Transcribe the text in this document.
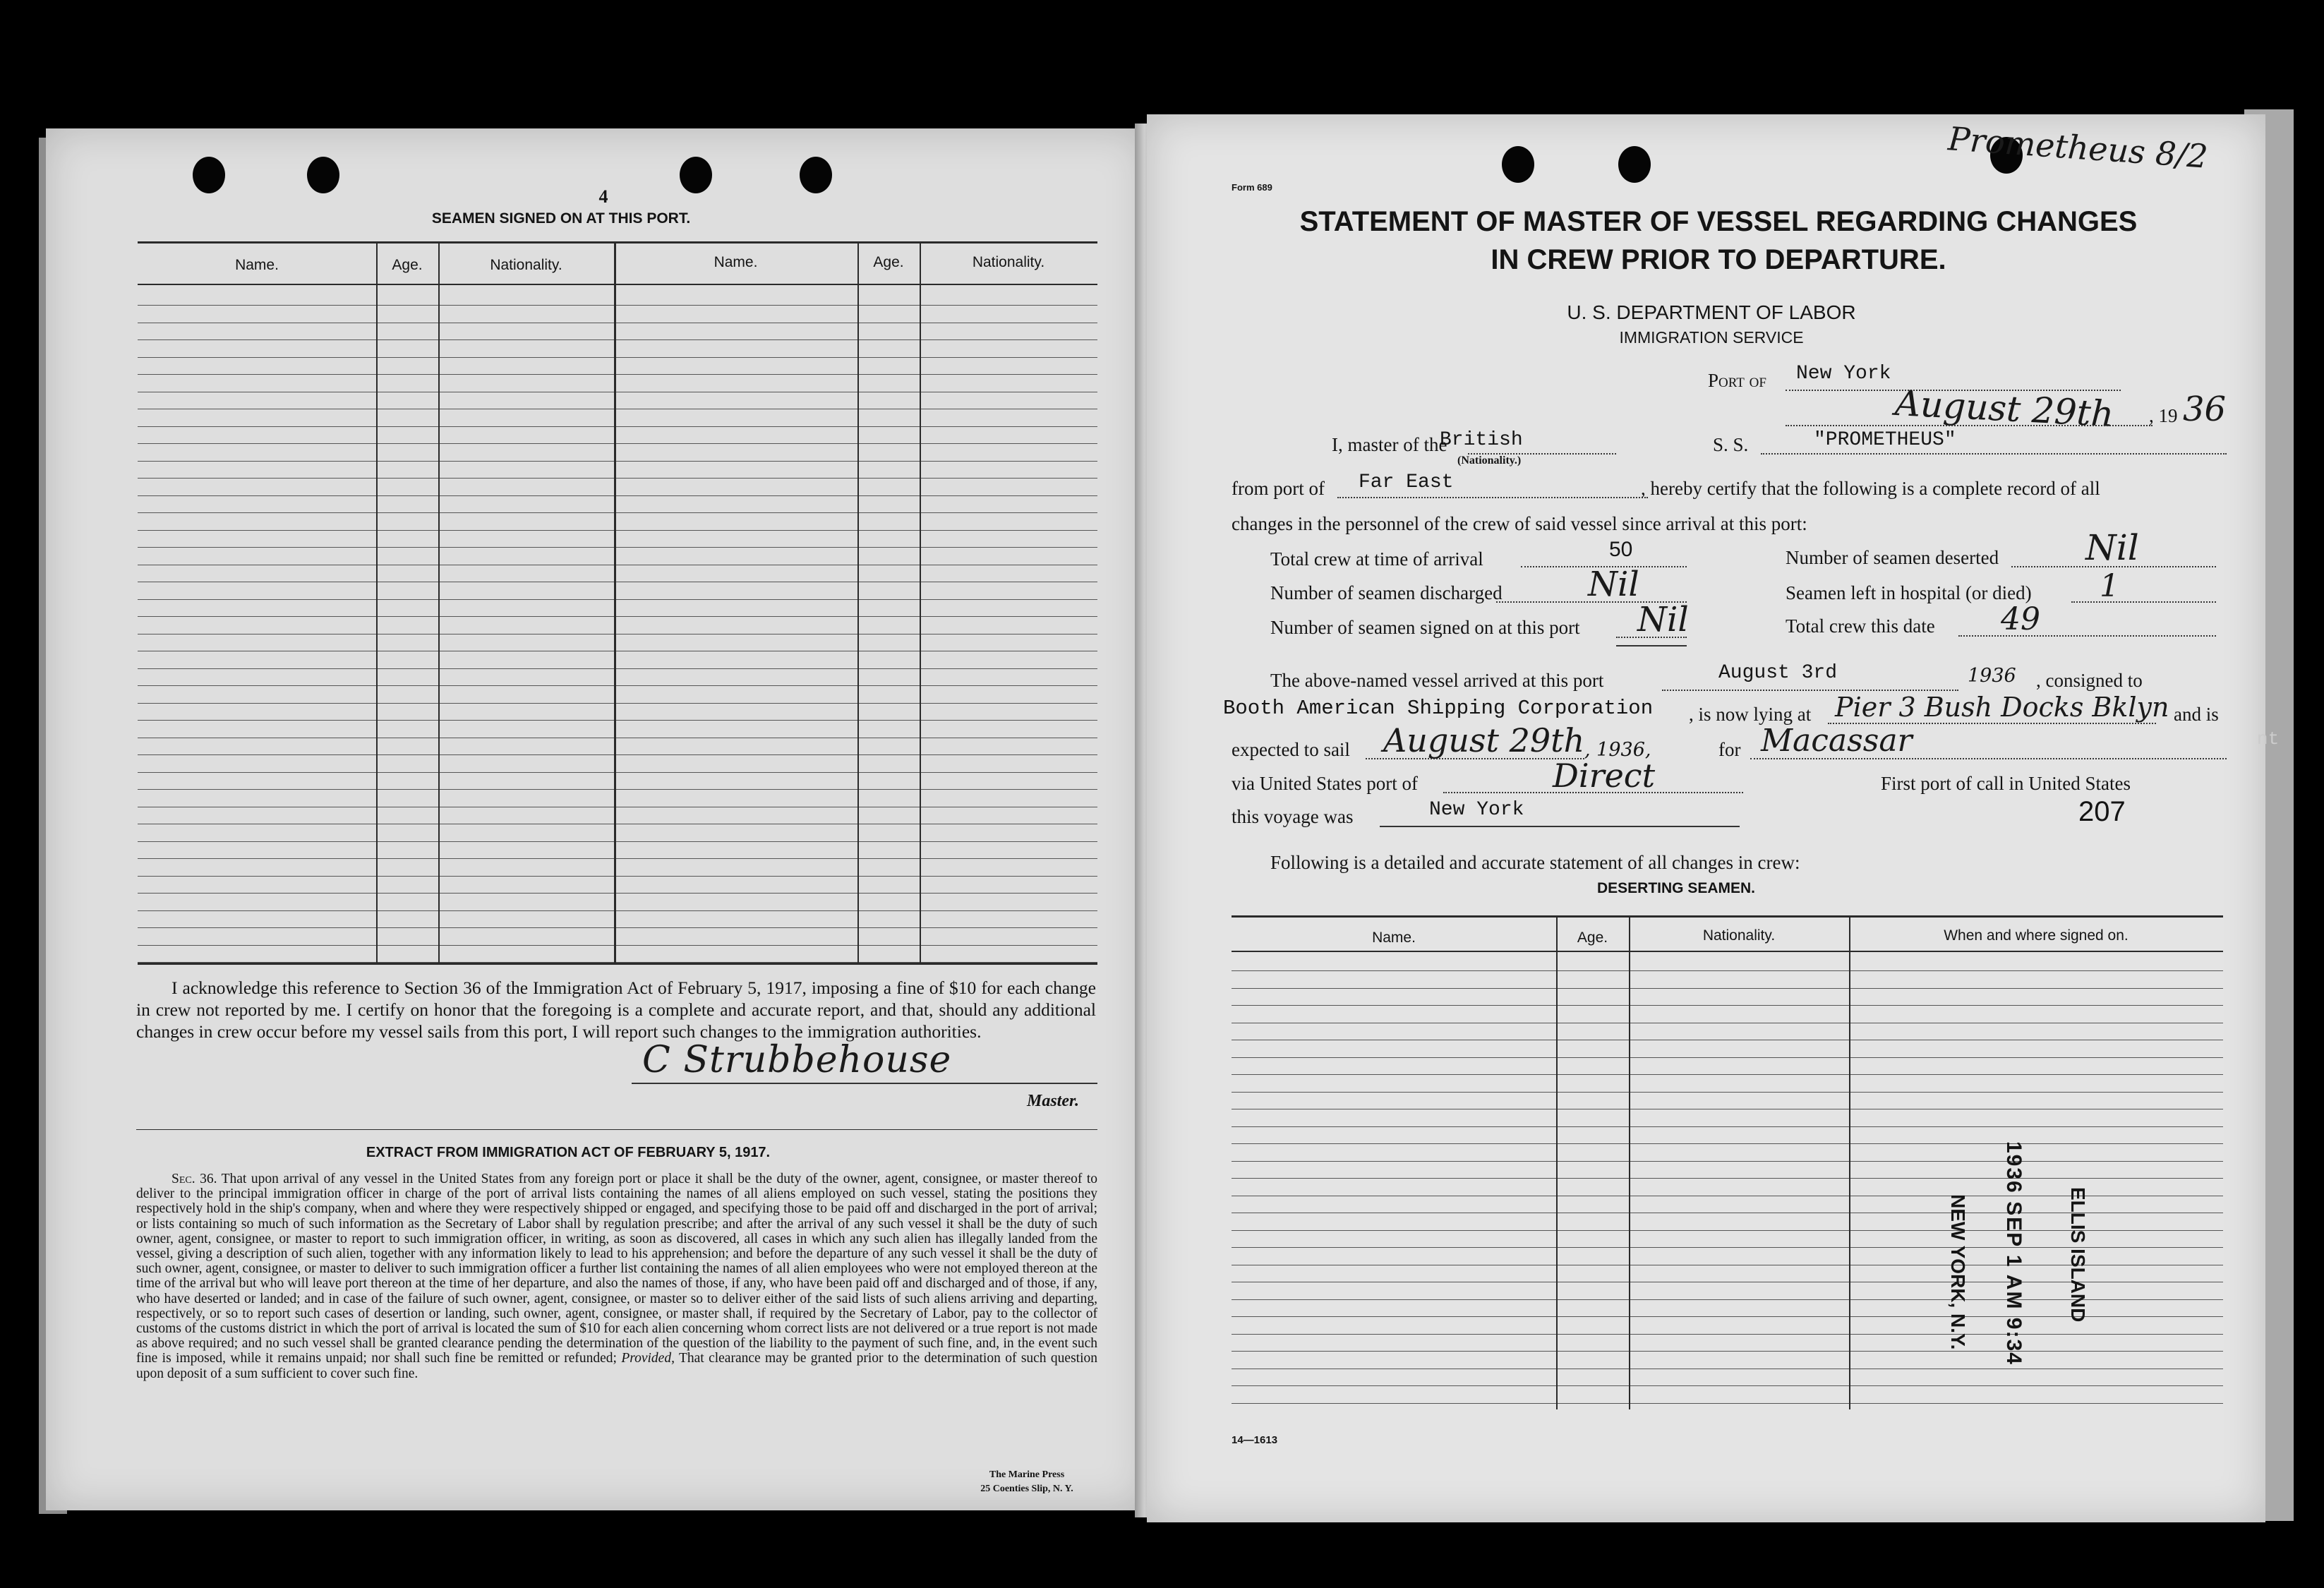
4
SEAMEN SIGNED ON AT THIS PORT.
Name.	Age.	Nationality.	Name.	Age.	Nationality.
I acknowledge this reference to Section 36 of the Immigration Act of February 5, 1917, imposing a fine of $10 for each change in crew not reported by me. I certify on honor that the foregoing is a complete and accurate report, and that, should any additional changes in crew occur before my vessel sails from this port, I will report such changes to the immigration authorities.
C Strubbehouse
Master.
EXTRACT FROM IMMIGRATION ACT OF FEBRUARY 5, 1917.
Sec. 36. That upon arrival of any vessel in the United States from any foreign port or place it shall be the duty of the owner, agent, consignee, or master thereof to deliver to the principal immigration officer in charge of the port of arrival lists containing the names of all aliens employed on such vessel, stating the positions they respectively hold in the ship's company, when and where they were respectively shipped or engaged, and specifying those to be paid off and discharged in the port of arrival; or lists containing so much of such information as the Secretary of Labor shall by regulation prescribe; and after the arrival of any such vessel it shall be the duty of such owner, agent, consignee, or master to report to such immigration officer, in writing, as soon as discovered, all cases in which any such alien has illegally landed from the vessel, giving a description of such alien, together with any information likely to lead to his apprehension; and before the departure of any such vessel it shall be the duty of such owner, agent, consignee, or master to deliver to such immigration officer a further list containing the names of all alien employees who were not employed thereon at the time of the arrival but who will leave port thereon at the time of her departure, and also the names of those, if any, who have been paid off and discharged and of those, if any, who have deserted or landed; and in case of the failure of such owner, agent, consignee, or master so to deliver either of the said lists of such aliens arriving and departing, respectively, or so to report such cases of desertion or landing, such owner, agent, consignee, or master shall, if required by the Secretary of Labor, pay to the collector of customs of the customs district in which the port of arrival is located the sum of $10 for each alien concerning whom correct lists are not delivered or a true report is not made as above required; and no such vessel shall be granted clearance pending the determination of the question of the liability to the payment of such fine, and, in the event such fine is imposed, while it remains unpaid; nor shall such fine be remitted or refunded; Provided, That clearance may be granted prior to the determination of such question upon deposit of a sum sufficient to cover such fine.
The Marine Press
25 Coenties Slip, N. Y.
Prometheus 8/2
Form 689
STATEMENT OF MASTER OF VESSEL REGARDING CHANGES
IN CREW PRIOR TO DEPARTURE.
U. S. DEPARTMENT OF LABOR
IMMIGRATION SERVICE
Port of New York
August 29th , 19 36
I, master of the
British
(Nationality.)
S. S.	"PROMETHEUS"
from port of Far East	, hereby certify that the following is a complete record of all
changes in the personnel of the crew of said vessel since arrival at this port:
Total crew at time of arrival	50
Number of seamen discharged	Nil
Number of seamen signed on at this port Nil
Number of seamen deserted Nil
Seamen left in hospital (or died) 1
Total crew this date 49
The above-named vessel arrived at this port	August 3rd	1936 , consigned to
Booth American Shipping Corporation , is now lying at Pier 3 Bush Docks Bklyn and is
expected to sail August 29th , 1936,	for Macassar
via United States port of	Direct	First port of call in United States
this voyage was	New York	207
Following is a detailed and accurate statement of all changes in crew:
DESERTING SEAMEN.
Name.	Age.	Nationality.	When and where signed on.
ELLIS ISLAND
1936 SEP 1 AM 9:34
NEW YORK, N.Y.
14—1613
nt
